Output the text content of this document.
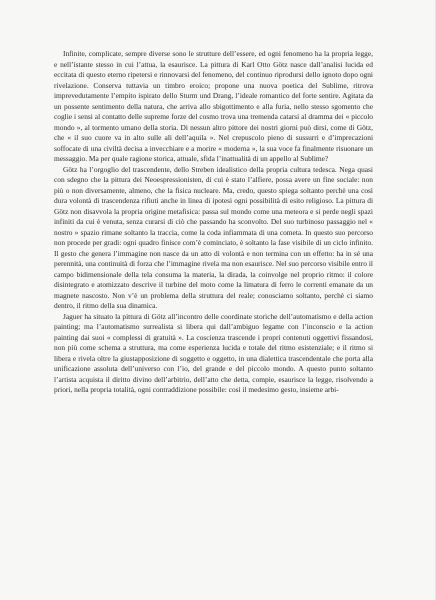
Infinite, complicate, sempre diverse sono le strutture dell’essere, ed ogni fenomeno ha la propria legge, e nell’istante stesso in cui l’attua, la esaurisce. La pittura di Karl Otto Götz nasce dall’analisi lucida ed eccitata di questo eterno ripetersi e rinnovarsi del fenomeno, del continuo riprodursi dello ignoto dopo ogni rivelazione. Conserva tuttavia un timbro eroico; propone una nuova poetica del Sublime, ritrova imprevedutamente l’empito ispirato dello Sturm und Drang, l’ideale romantico del forte sentire. Agitata da un possente sentimento della natura, che arriva allo sbigottimento e alla furia, nello stesso sgomento che coglie i sensi al contatto delle supreme forze del cosmo trova una tremenda catarsi al dramma dei « piccolo mondo », al tormento umano della storia. Di nessun altro pittore dei nostri giorni può dirsi, come di Götz, che « il suo cuore va in alto sulle ali dell’aquila ». Nel crepuscolo pieno di sussurri e d’imprecazioni soffocate di una civiltà decisa a invecchiare e a morire « moderna », la sua voce fa finalmente risuonare un messaggio. Ma per quale ragione storica, attuale, sfida l’inattualità di un appello al Sublime?

Götz ha l’orgoglio del trascendente, dello Streben idealistico della propria cultura tedesca. Nega quasi con sdegno che la pittura dei Neoespressionisten, di cui è stato l’alfiere, possa avere un fine sociale: non più o non diversamente, almeno, che la fisica nucleare. Ma, credo, questo spiega soltanto perchè una così dura volontà di trascendenza rifiuti anche in linea di ipotesi ogni possibilità di esito religioso. La pittura di Götz non disavvola la propria origine metafisica: passa sul mondo come una meteora e si perde negli spazi infiniti da cui è venuta, senza curarsi di ciò che passando ha sconvolto. Del suo turbinoso passaggio nel « nostro » spazio rimane soltanto la traccia, come la coda infiammata di una cometa. In questo suo percorso non procede per gradi: ogni quadro finisce com’è cominciato, è soltanto la fase visibile di un ciclo infinito. Il gesto che genera l’immagine non nasce da un atto di volontà e non termina con un effetto: ha in sé una perennità, una continuità di forza che l’immagine rivela ma non esaurisce. Nel suo percorso visibile entro il campo bidimensionale della tela consuma la materia, la dirada, la coinvolge nel proprio ritmo: il colore disintegrato e atomizzato descrive il turbine del moto come la limatura di ferro le correnti emanate da un magnete nascosto. Non v’è un problema della struttura del reale; conosciamo soltanto, perchè ci siamo dentro, il ritmo della sua dinamica.

Jaguer ha situato la pittura di Götz all’incontro delle coordinate storiche dell’automatismo e della action painting; ma l’automatismo surrealista si libera qui dall’ambiguo legame con l’inconscio e la action painting dai suoi « complessi di gratuità ». La coscienza trascende i propri contenuti oggettivi fissandosi, non più come schema a struttura, ma come esperienza lucida e totale del ritmo esistenziale; e il ritmo si libera e rivela oltre la giustapposizione di soggetto e oggetto, in una dialettica trascendentale che porta alla unificazione assoluta dell’universo con l’io, del grande e del piccolo mondo. A questo punto soltanto l’artista acquista il diritto divino dell’arbitrio, dell’atto che detta, compie, esaurisce la legge, risolvendo a priori, nella propria totalità, ogni contraddizione possibile: così il medesimo gesto, insieme arbi-
